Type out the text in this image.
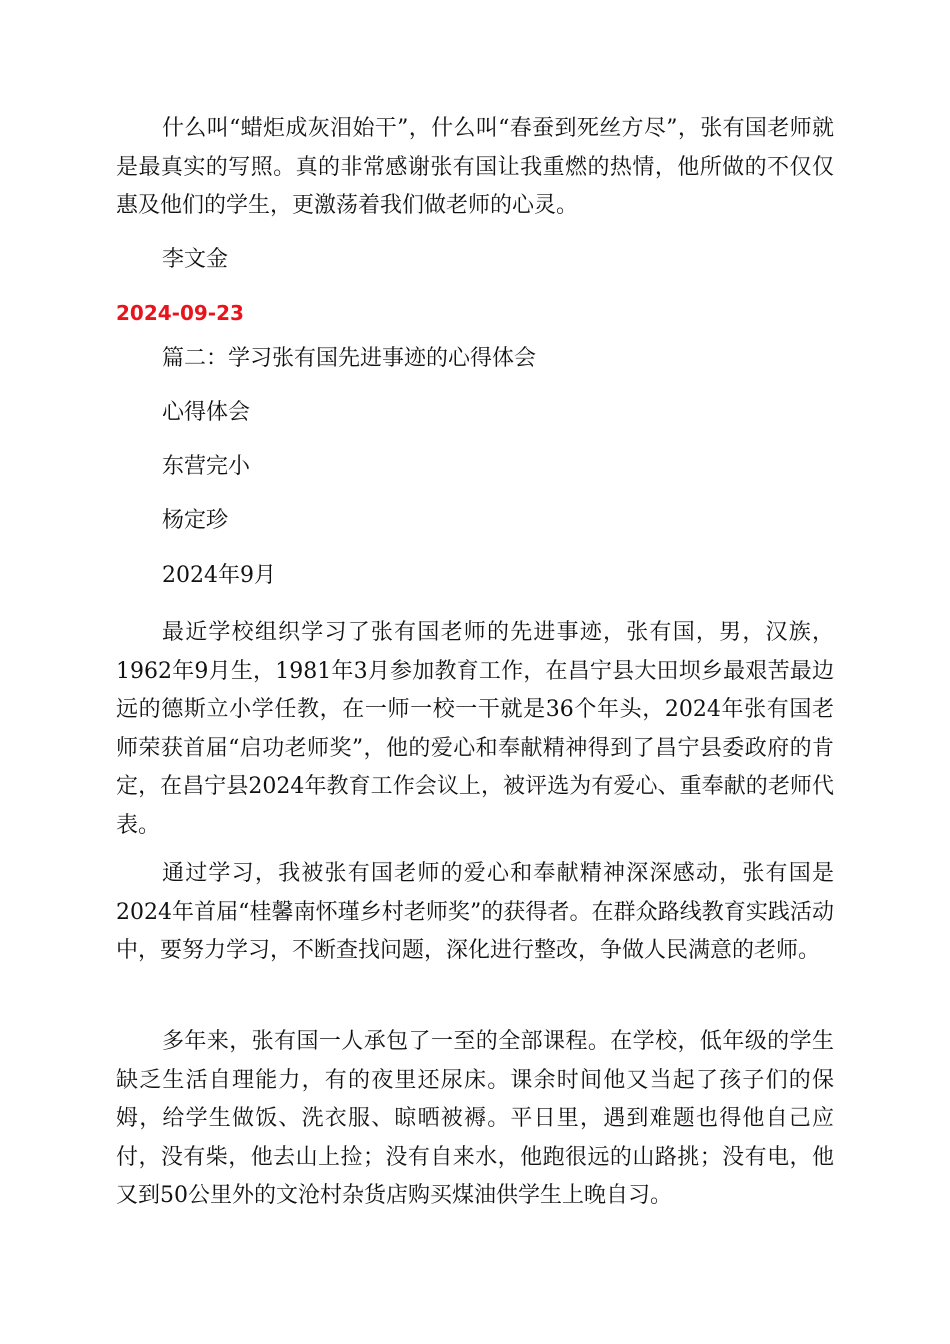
什么叫“蜡炬成灰泪始干”，什么叫“春蚕到死丝方尽”，张有国老师就是最真实的写照。真的非常感谢张有国让我重燃的热情，他所做的不仅仅惠及他们的学生，更激荡着我们做老师的心灵。

李文金

2024-09-23

篇二：学习张有国先进事迹的心得体会

心得体会

东营完小

杨定珍

2024年9月

最近学校组织学习了张有国老师的先进事迹，张有国，男，汉族，1962年9月生，1981年3月参加教育工作，在昌宁县大田坝乡最艰苦最边远的德斯立小学任教，在一师一校一干就是36个年头，2024年张有国老师荣获首届“启功老师奖”，他的爱心和奉献精神得到了昌宁县委政府的肯定，在昌宁县2024年教育工作会议上，被评选为有爱心、重奉献的老师代表。

通过学习，我被张有国老师的爱心和奉献精神深深感动，张有国是2024年首届“桂馨南怀瑾乡村老师奖”的获得者。在群众路线教育实践活动中，要努力学习，不断查找问题，深化进行整改，争做人民满意的老师。

多年来，张有国一人承包了一至的全部课程。在学校，低年级的学生缺乏生活自理能力，有的夜里还尿床。课余时间他又当起了孩子们的保姆，给学生做饭、洗衣服、晾晒被褥。平日里，遇到难题也得他自己应付，没有柴，他去山上捡；没有自来水，他跑很远的山路挑；没有电，他又到50公里外的文沧村杂货店购买煤油供学生上晚自习。
